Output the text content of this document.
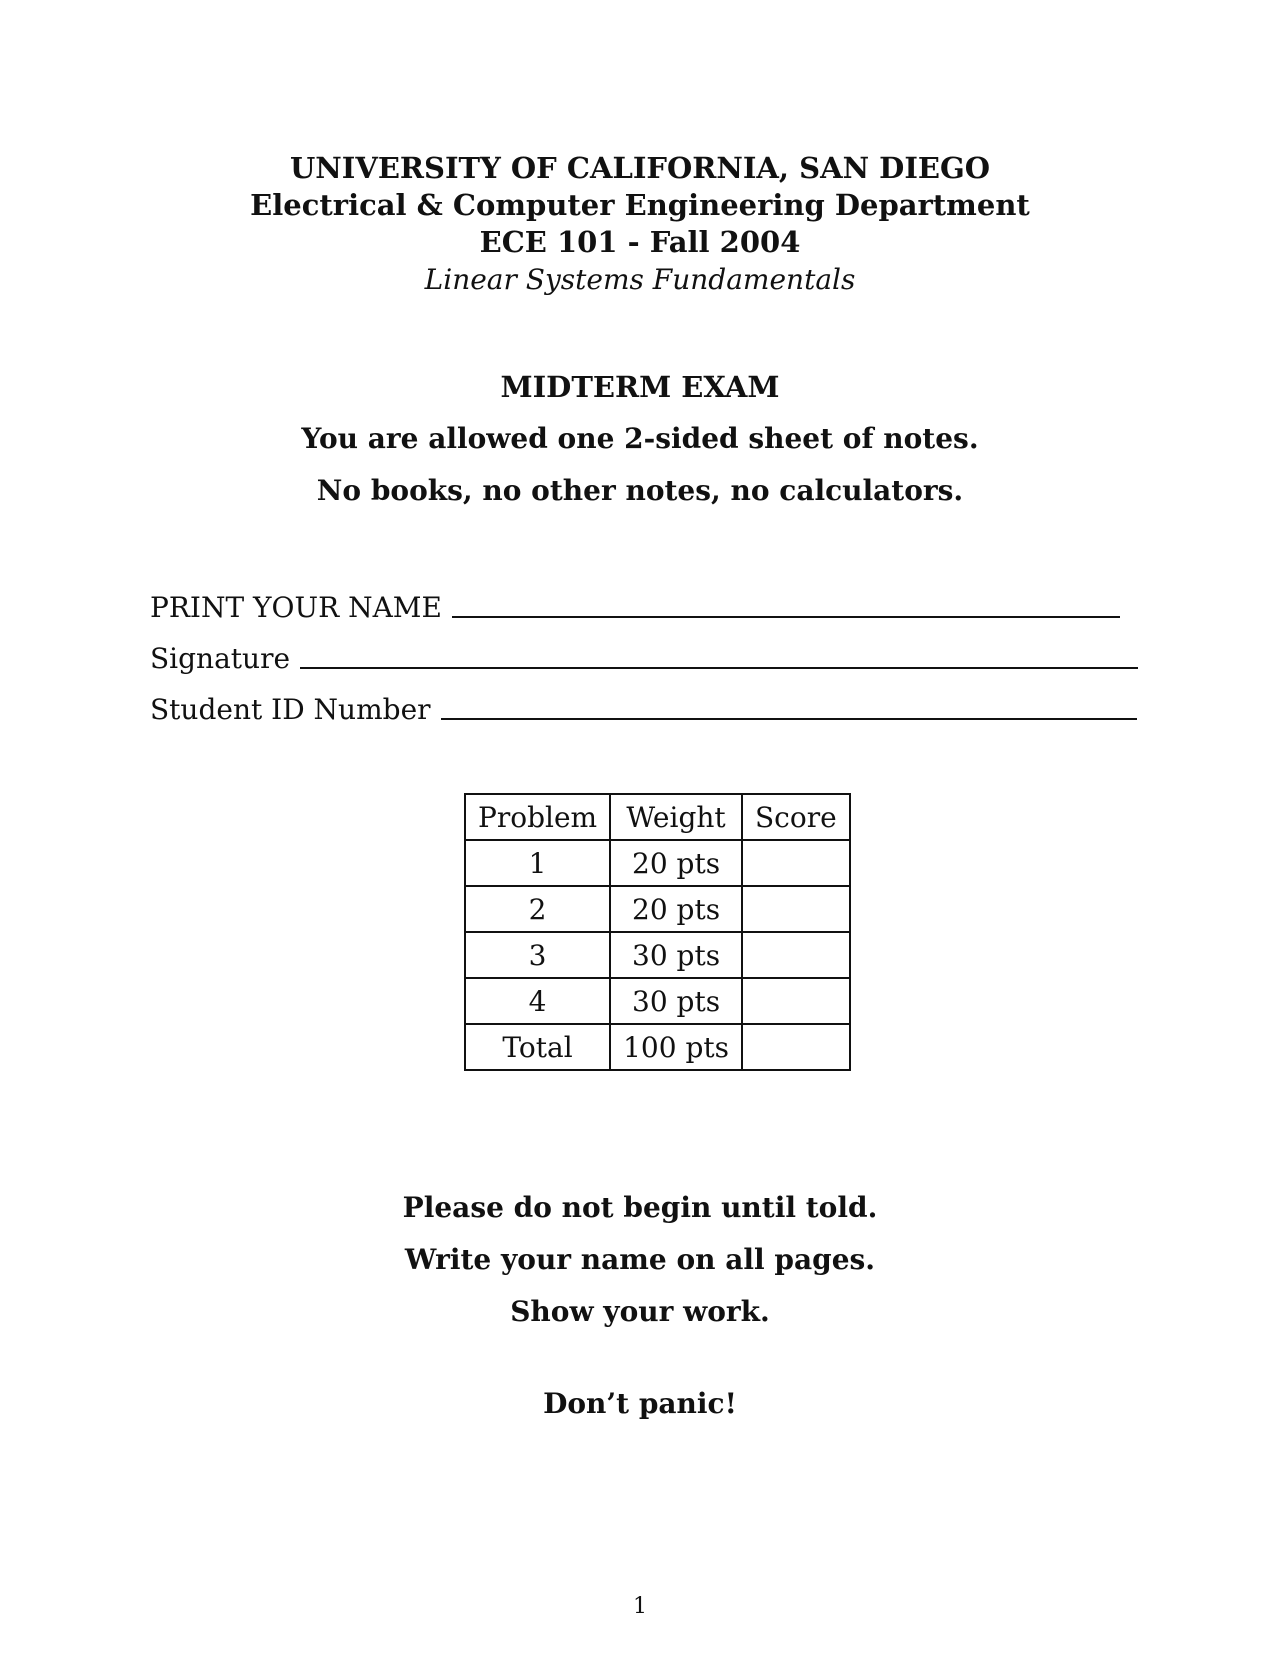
UNIVERSITY OF CALIFORNIA, SAN DIEGO

Electrical & Computer Engineering Department

ECE 101 - Fall 2004

Linear Systems Fundamentals

MIDTERM EXAM

You are allowed one 2-sided sheet of notes.

No books, no other notes, no calculators.

PRINT YOUR NAME
Signature
Student ID Number
Problem	Weight	Score
1	20 pts	
2	20 pts	
3	30 pts	
4	30 pts	
Total	100 pts	

Please do not begin until told.

Write your name on all pages.

Show your work.

Don’t panic!

1
